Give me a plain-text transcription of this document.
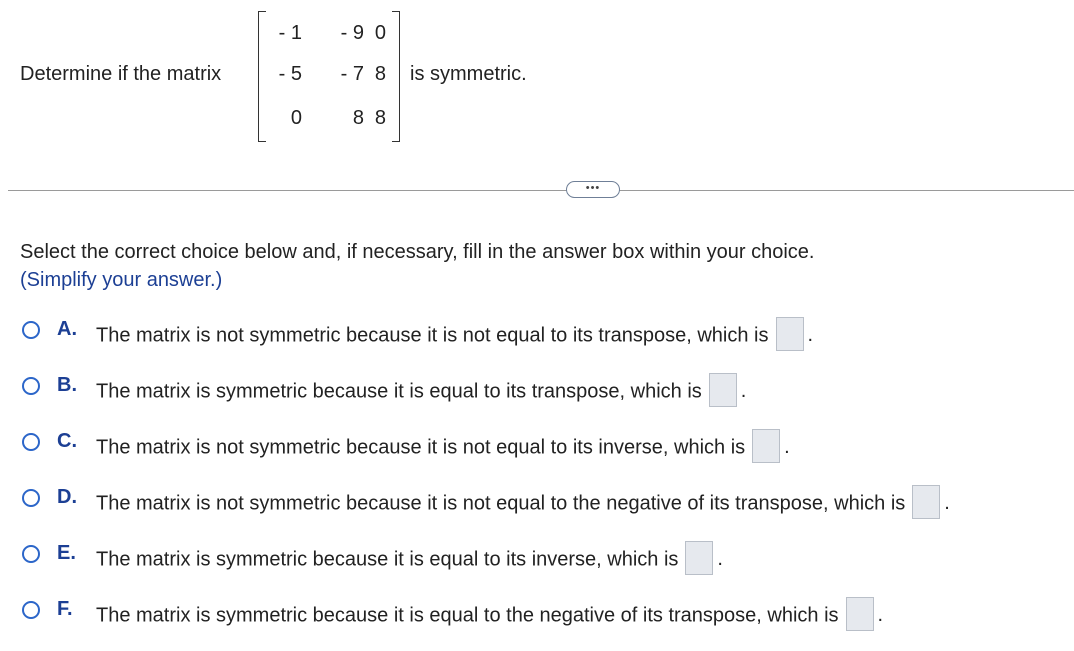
Determine if the matrix
- 1 - 9 0
- 5 - 7 8
0	8 8
is symmetric.
•••
Select the correct choice below and, if necessary, fill in the answer box within your choice.
(Simplify your answer.)
A. The matrix is not symmetric because it is not equal to its transpose, which is .
B. The matrix is symmetric because it is equal to its transpose, which is .
C. The matrix is not symmetric because it is not equal to its inverse, which is .
D. The matrix is not symmetric because it is not equal to the negative of its transpose, which is .
E. The matrix is symmetric because it is equal to its inverse, which is .
F. The matrix is symmetric because it is equal to the negative of its transpose, which is .
